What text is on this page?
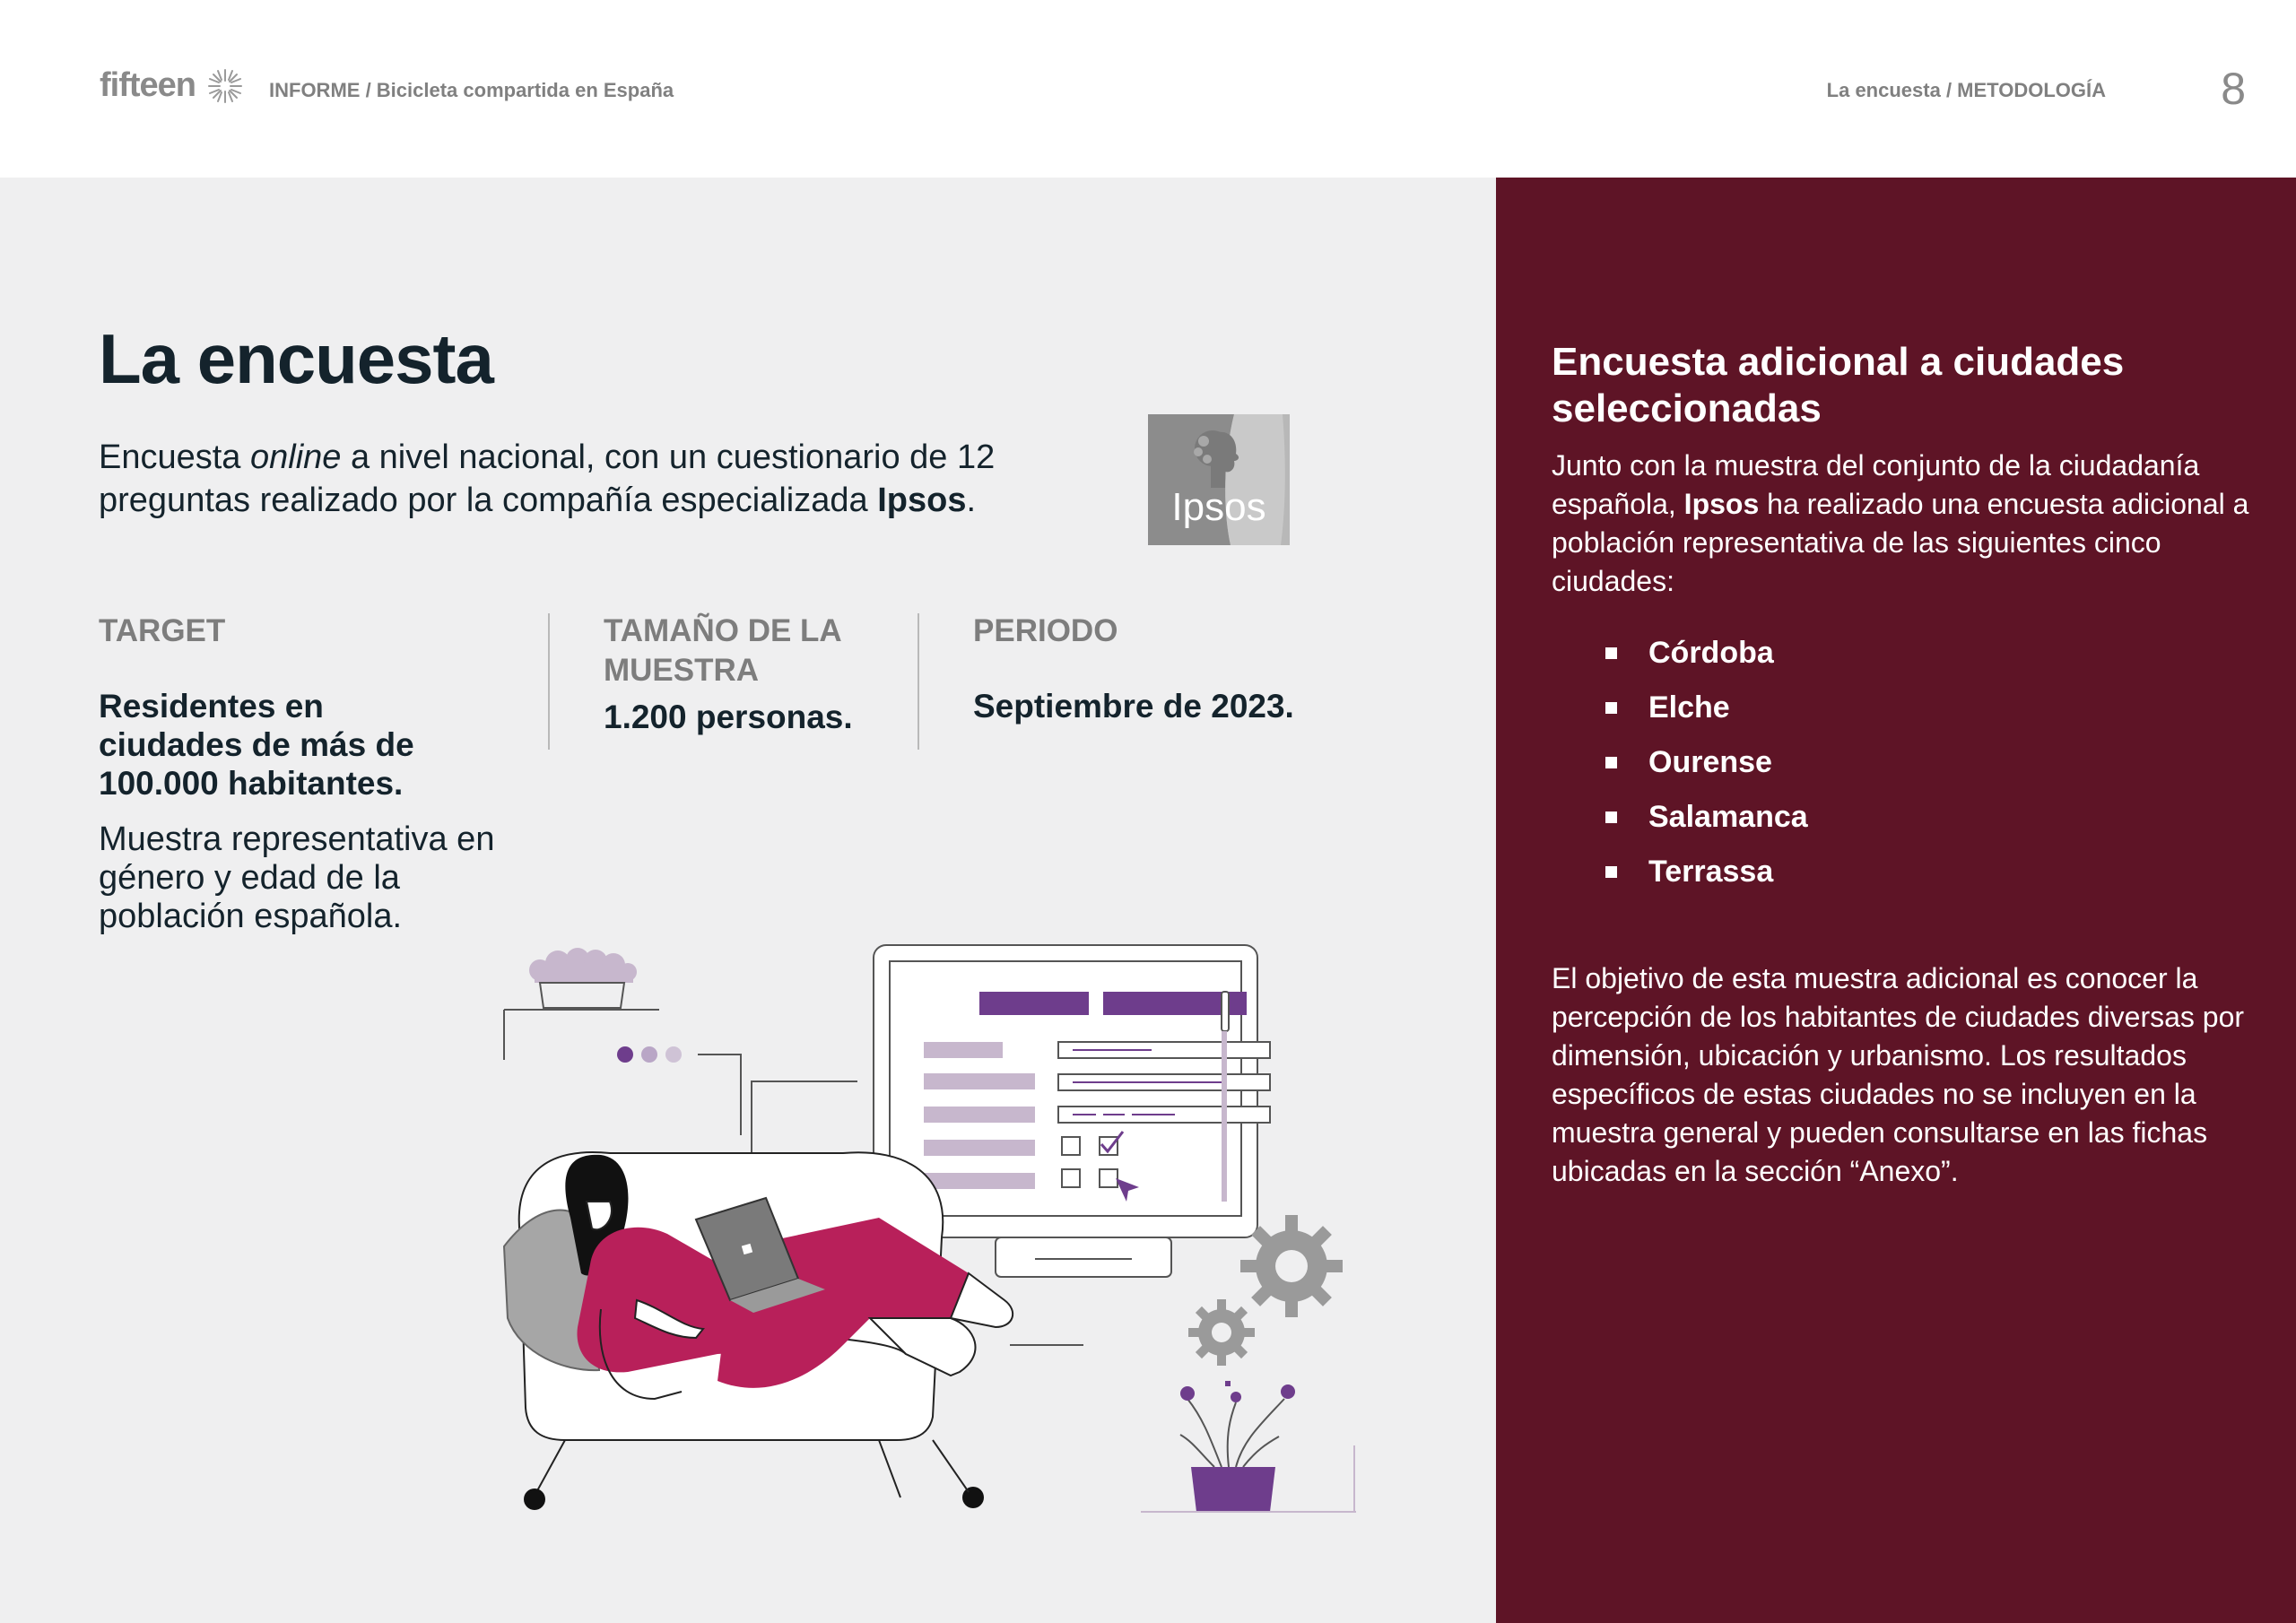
fifteen	INFORME / Bicicleta compartida en España	La encuesta / METODOLOGÍA	8
La encuesta

Encuesta online a nivel nacional, con un cuestionario de 12 preguntas realizado por la compañía especializada Ipsos.	Ipsos
TARGET
Residentes en ciudades de más de 100.000 habitantes.
Muestra representativa en género y edad de la población española.
TAMAÑO DE LA MUESTRA
1.200 personas.
PERIODO
Septiembre de 2023.
Encuesta adicional a ciudades seleccionadas

Junto con la muestra del conjunto de la ciudadanía española, Ipsos ha realizado una encuesta adicional a población representativa de las siguientes cinco ciudades:

Córdoba
Elche
Ourense
Salamanca
Terrassa

El objetivo de esta muestra adicional es conocer la percepción de los habitantes de ciudades diversas por dimensión, ubicación y urbanismo. Los resultados específicos de estas ciudades no se incluyen en la muestra general y pueden consultarse en las fichas ubicadas en la sección “Anexo”.
